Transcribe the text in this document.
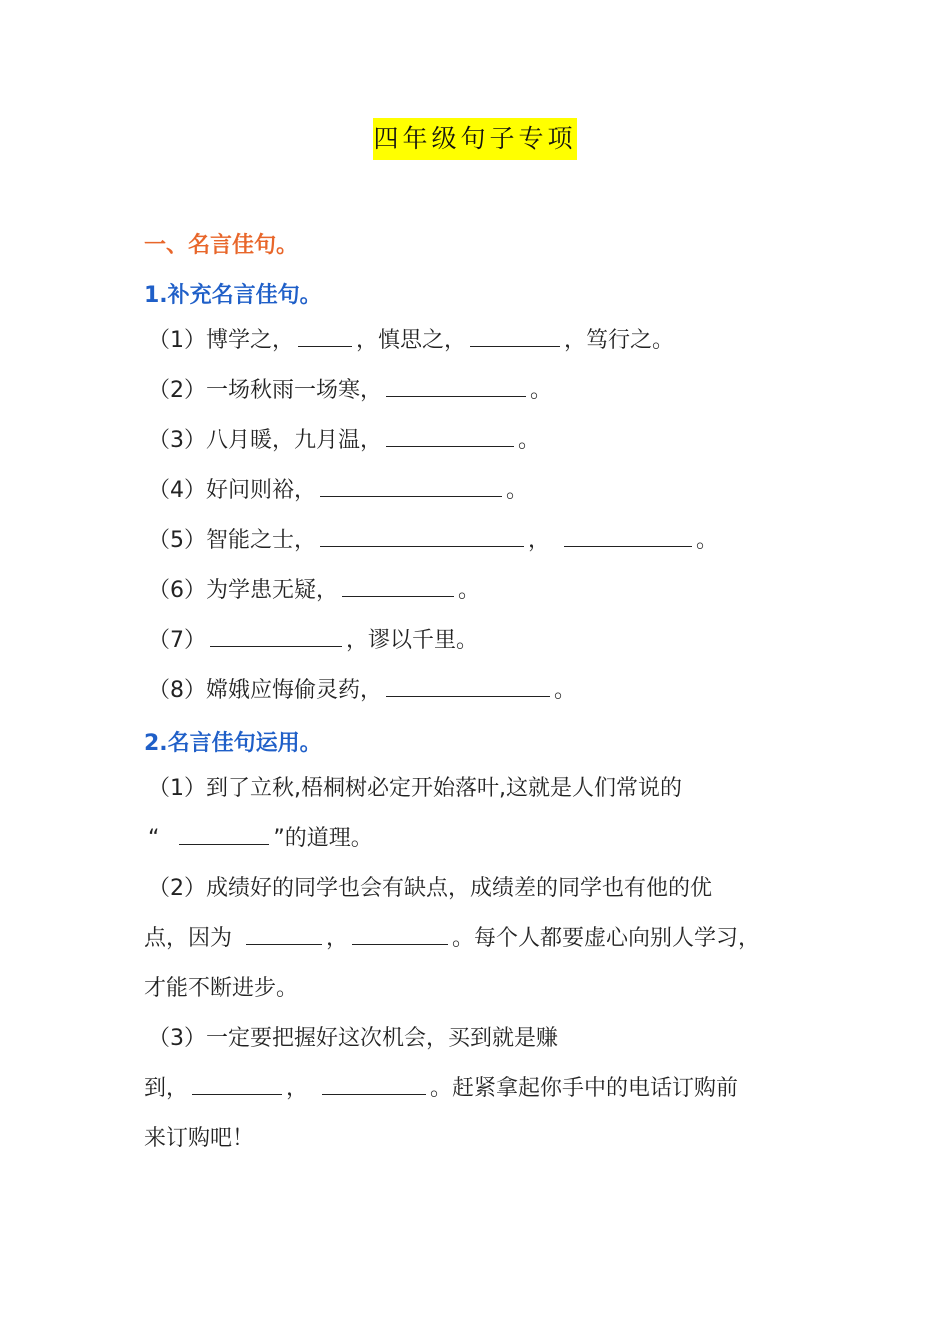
四年级句子专项
一、名言佳句。
1.补充名言佳句。
（1）博学之，	，慎思之，	，笃行之。
（2）一场秋雨一场寒，	。
（3）八月暖，九月温，	。
（4）好问则裕，	。
（5）智能之士，	，	。
（6）为学患无疑，	。
（7）	，谬以千里。
（8）嫦娥应悔偷灵药，	。
2.名言佳句运用。
（1）到了立秋,梧桐树必定开始落叶,这就是人们常说的
“	”的道理。
（2）成绩好的同学也会有缺点，成绩差的同学也有他的优
点，因为	，	。每个人都要虚心向别人学习，
才能不断进步。
（3）一定要把握好这次机会，买到就是赚
到，	，	。赶紧拿起你手中的电话订购前
来订购吧！
